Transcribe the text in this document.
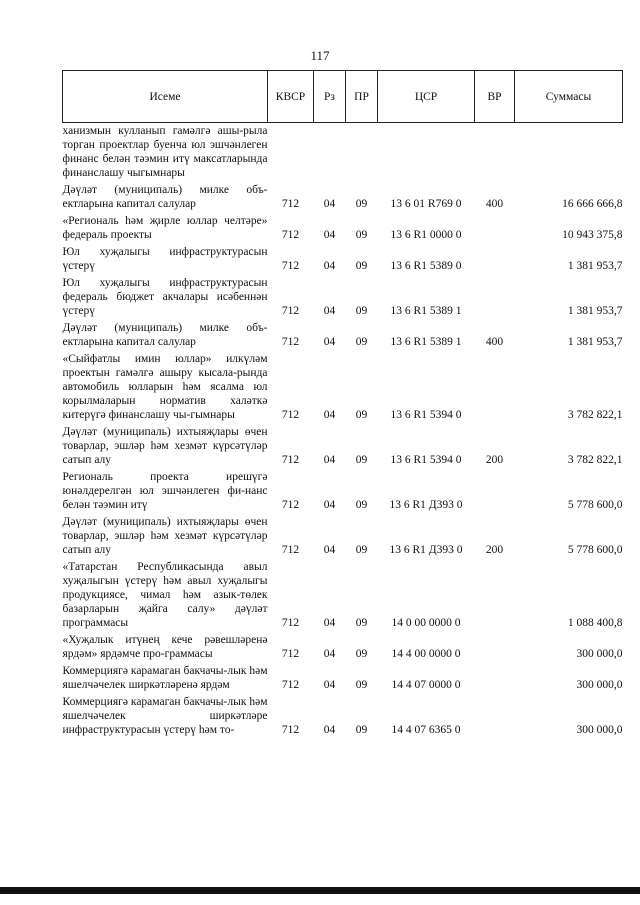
117
Исеме	КВСР	Рз	ПР	ЦСР	ВР	Суммасы
ханизмын кулланып гамәлгә ашы-рыла торган проектлар буенча юл эшчәнлеген финанс белән тәэмин итү максатларында финанслашу чыгымнары						
Дәүләт (муниципаль) милке объ-ектларына капитал салулар	712	04	09	13 6 01 R769 0	400	16 666 666,8
«Региональ һәм җирле юллар челтәре» федераль проекты	712	04	09	13 6 R1 0000 0		10 943 375,8
Юл хуҗалыгы инфраструктурасын үстерү	712	04	09	13 6 R1 5389 0		1 381 953,7
Юл хуҗалыгы инфраструктурасын федераль бюджет акчалары исәбеннән үстерү	712	04	09	13 6 R1 5389 1		1 381 953,7
Дәүләт (муниципаль) милке объ-ектларына капитал салулар	712	04	09	13 6 R1 5389 1	400	1 381 953,7
«Сыйфатлы имин юллар» илкүләм проектын гамәлгә ашыру кысала-рында автомобиль юлларын һәм ясалма юл корылмаларын норматив халәткә китерүгә финанслашу чы-гымнары	712	04	09	13 6 R1 5394 0		3 782 822,1
Дәүләт (муниципаль) ихтыяҗлары өчен товарлар, эшләр һәм хезмәт күрсәтүләр сатып алу	712	04	09	13 6 R1 5394 0	200	3 782 822,1
Региональ проекта ирешүгә юнәлдерелгән юл эшчәнлеген фи-нанс белән тәэмин итү	712	04	09	13 6 R1 Д393 0		5 778 600,0
Дәүләт (муниципаль) ихтыяҗлары өчен товарлар, эшләр һәм хезмәт күрсәтүләр сатып алу	712	04	09	13 6 R1 Д393 0	200	5 778 600,0
«Татарстан Республикасында авыл хуҗалыгын үстерү һәм авыл хуҗалыгы продукциясе, чимал һәм азык-төлек базарларын җайга салу» дәүләт программасы	712	04	09	14 0 00 0000 0		1 088 400,8
«Хуҗалык итүнең кече рәвешләренә ярдәм» ярдәмче про-граммасы	712	04	09	14 4 00 0000 0		300 000,0
Коммерциягә карамаган бакчачы-лык һәм яшелчәчелек ширкәтләренә ярдәм	712	04	09	14 4 07 0000 0		300 000,0
Коммерциягә карамаган бакчачы-лык һәм яшелчәчелек ширкәтләре инфраструктурасын үстерү һәм то-	712	04	09	14 4 07 6365 0		300 000,0
